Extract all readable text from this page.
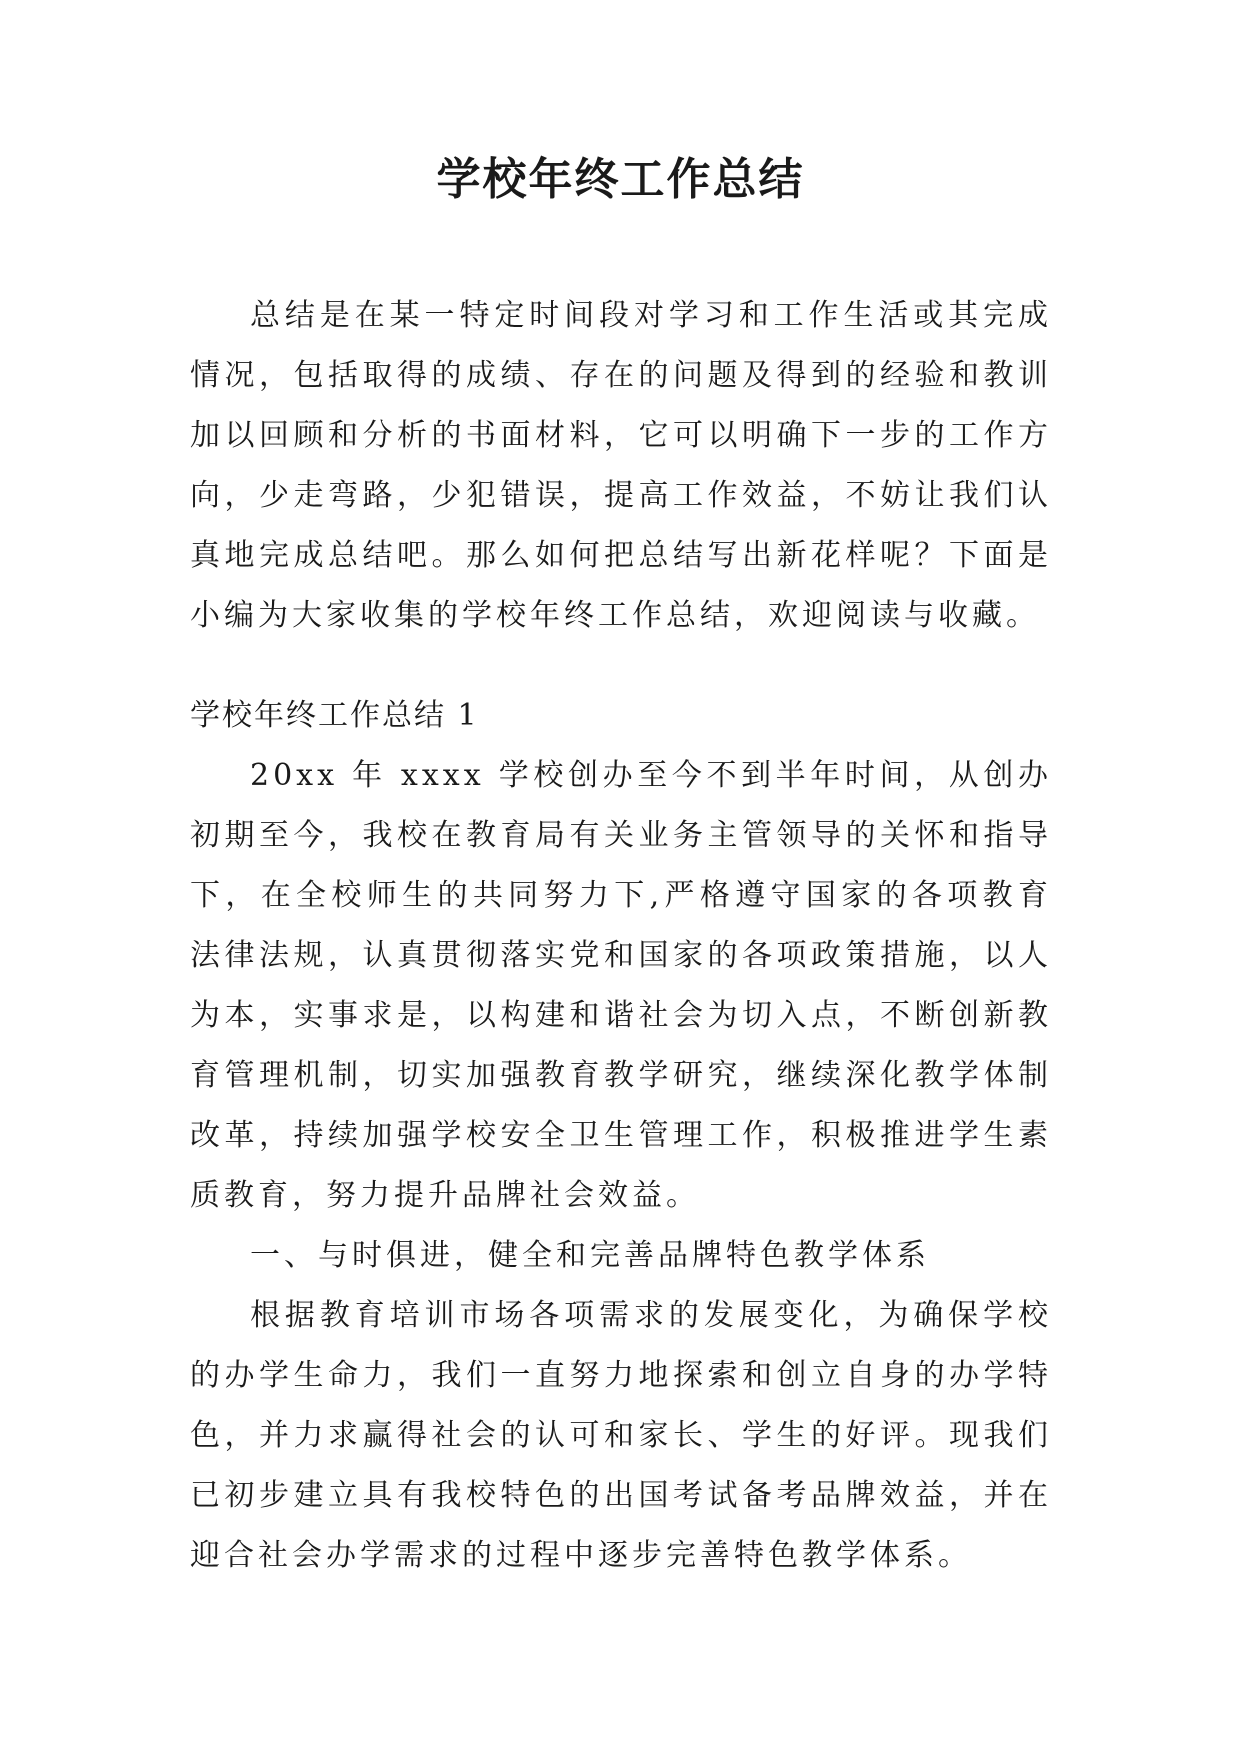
学校年终工作总结

总结是在某一特定时间段对学习和工作生活或其完成情况，包括取得的成绩、存在的问题及得到的经验和教训加以回顾和分析的书面材料，它可以明确下一步的工作方向，少走弯路，少犯错误，提高工作效益，不妨让我们认真地完成总结吧。那么如何把总结写出新花样呢？下面是小编为大家收集的学校年终工作总结，欢迎阅读与收藏。

学校年终工作总结 1

20xx 年 xxxx 学校创办至今不到半年时间，从创办初期至今，我校在教育局有关业务主管领导的关怀和指导下，在全校师生的共同努力下,严格遵守国家的各项教育法律法规，认真贯彻落实党和国家的各项政策措施，以人为本，实事求是，以构建和谐社会为切入点，不断创新教育管理机制，切实加强教育教学研究，继续深化教学体制改革，持续加强学校安全卫生管理工作，积极推进学生素质教育，努力提升品牌社会效益。

一、与时俱进，健全和完善品牌特色教学体系

根据教育培训市场各项需求的发展变化，为确保学校的办学生命力，我们一直努力地探索和创立自身的办学特色，并力求赢得社会的认可和家长、学生的好评。现我们已初步建立具有我校特色的出国考试备考品牌效益，并在迎合社会办学需求的过程中逐步完善特色教学体系。
